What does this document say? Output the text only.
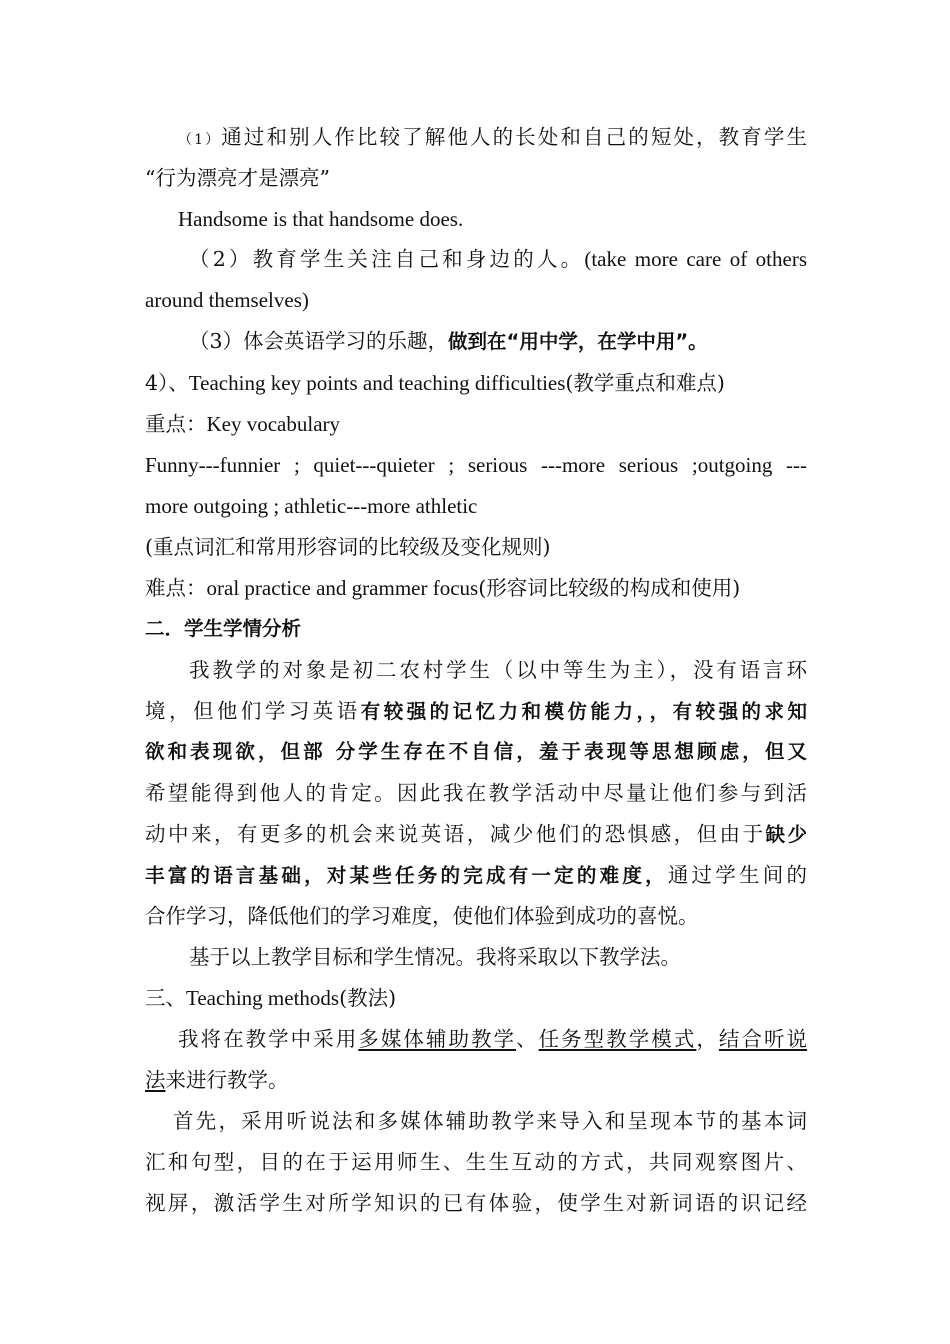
（1）通过和别人作比较了解他人的长处和自己的短处，教育学生
“行为漂亮才是漂亮”
Handsome is that handsome does.
（2）教育学生关注自己和身边的人。(take more care of others
around themselves)
（3）体会英语学习的乐趣，做到在“用中学，在学中用”。
4）、Teaching key points and teaching difficulties(教学重点和难点)
重点：Key vocabulary
Funny---funnier ; quiet---quieter ; serious ---more serious ;outgoing ---
more outgoing ; athletic---more athletic
(重点词汇和常用形容词的比较级及变化规则)
难点：oral practice and grammer focus(形容词比较级的构成和使用)
二．学生学情分析
我教学的对象是初二农村学生（以中等生为主），没有语言环
境，但他们学习英语有较强的记忆力和模仿能力，，有较强的求知
欲和表现欲，但部 分学生存在不自信，羞于表现等思想顾虑，但又
希望能得到他人的肯定。因此我在教学活动中尽量让他们参与到活
动中来，有更多的机会来说英语，减少他们的恐惧感，但由于缺少
丰富的语言基础，对某些任务的完成有一定的难度，通过学生间的
合作学习，降低他们的学习难度，使他们体验到成功的喜悦。
基于以上教学目标和学生情况。我将采取以下教学法。
三、Teaching methods(教法)
我将在教学中采用多媒体辅助教学、任务型教学模式，结合听说
法来进行教学。
首先，采用听说法和多媒体辅助教学来导入和呈现本节的基本词
汇和句型，目的在于运用师生、生生互动的方式，共同观察图片、
视屏，激活学生对所学知识的已有体验，使学生对新词语的识记经
